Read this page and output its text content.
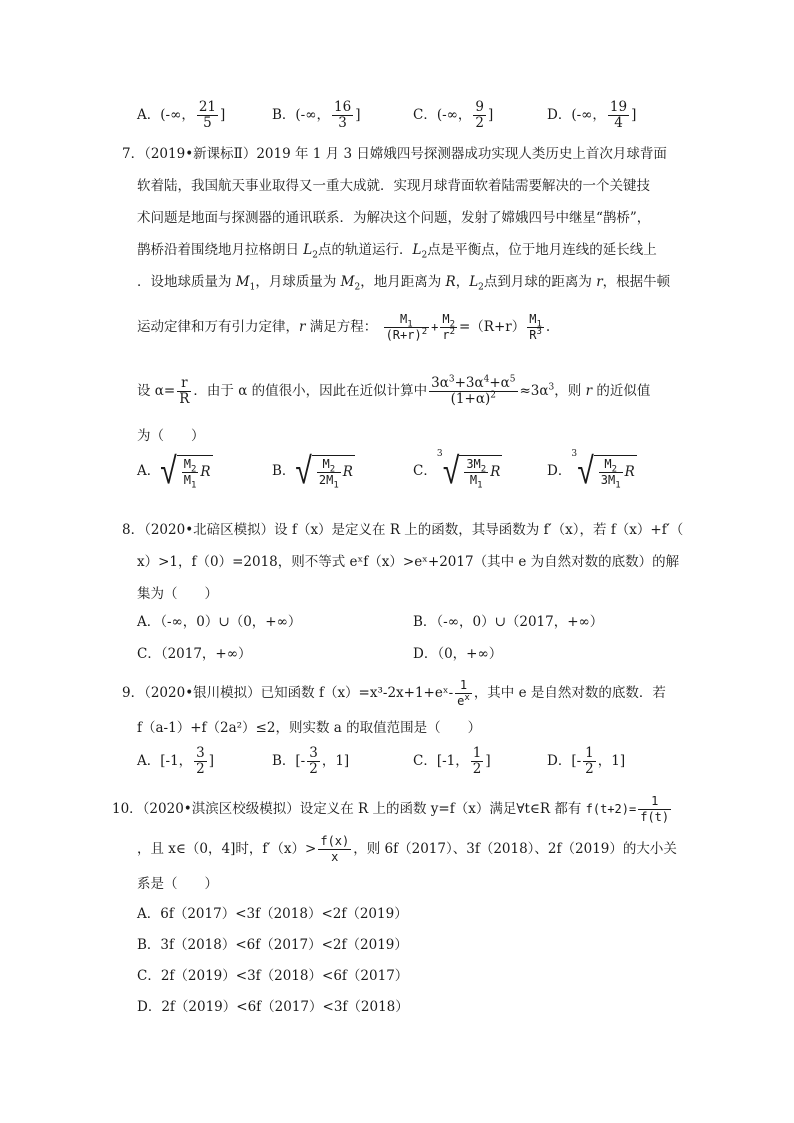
A．(-∞， $\frac{21}{5}$ ]	B．(-∞， $\frac{16}{3}$ ]	C．(-∞， $\frac{9}{2}$ ]	D．(-∞， $\frac{19}{4}$ ]
7．（2019•新课标Ⅱ）2019 年 1 月 3 日嫦娥四号探测器成功实现人类历史上首次月球背面
软着陆，我国航天事业取得又一重大成就．实现月球背面软着陆需要解决的一个关键技
术问题是地面与探测器的通讯联系．为解决这个问题，发射了嫦娥四号中继星“鹊桥”，
鹊桥沿着围绕地月拉格朗日 $L_2$点的轨道运行．$L_2$点是平衡点，位于地月连线的延长线上
．设地球质量为 $M_1$，月球质量为 $M_2$，地月距离为 R，$L_2$点到月球的距离为 r，根据牛顿
运动定律和万有引力定律，r 满足方程： $\frac{M_1}{(R+r)^2} + \frac{M_2}{r^2} =(R+r) \frac{M_1}{R^3}$ .
设 $\alpha= \frac{r}{R}$ ．由于 α 的值很小，因此在近似计算中 $\frac{3\alpha^3+3\alpha^4+\alpha^5}{(1+\alpha)^2} \approx 3\alpha^3$，则 r 的近似值
为（　　）
A．√ $\frac{M_2}{M_1}$ R	B．√ $\frac{M_2}{2M_1}$ R	C．
3 √ $\frac{3M_2}{M_1}$ R	D．
3 √ $\frac{M_2}{3M_1}$ R
8．（2020•北碚区模拟）设 f（x）是定义在 R 上的函数，其导函数为 f′（x），若 f（x）+f′（
x）>1，f（0）=2018，则不等式 eˣf（x）>eˣ+2017（其中 e 为自然对数的底数）的解
集为（　　）
A．（-∞，0）∪（0，+∞）	B．（-∞，0）∪（2017，+∞）
C．（2017，+∞）	D．（0，+∞）
9．（2020•银川模拟）已知函数 f（x）=x³-2x+1+eˣ- $\frac{1}{e^x}$ ，其中 e 是自然对数的底数．若
f（a-1）+f（2a²）≤2，则实数 a 的取值范围是（　　）
A．[-1， $\frac{3}{2}$ ]	B．[- $\frac{3}{2}$ ，1]	C．[-1， $\frac{1}{2}$ ]	D．[- $\frac{1}{2}$ ，1]
10．（2020•淇滨区校级模拟）设定义在 R 上的函数 y=f（x）满足∀t∈R 都有 $f(t+2)= \frac{1}{f(t)}$
，且 x∈（0，4]时，$f'(x)> \frac{f(x)}{x}$ ，则 6f（2017）、3f（2018）、2f（2019）的大小关
系是（　　）
A．6f（2017）<3f（2018）<2f（2019）
B．3f（2018）<6f（2017）<2f（2019）
C．2f（2019）<3f（2018）<6f（2017）
D．2f（2019）<6f（2017）<3f（2018）
